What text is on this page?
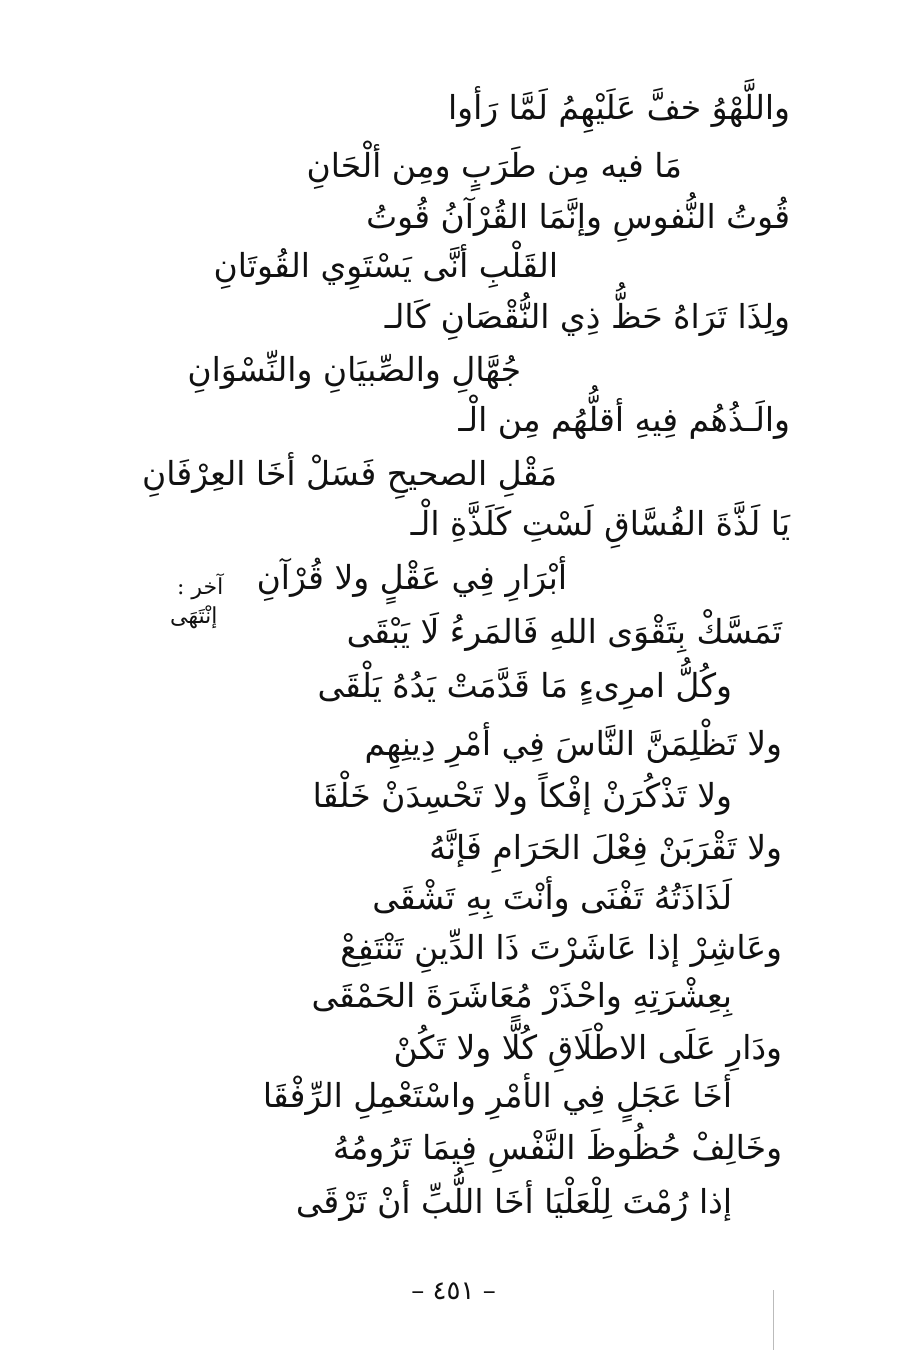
واللَّهْوُ خفَّ عَلَيْهِمُ لَمَّا رَأوا
مَا فيه مِن طَرَبٍ ومِن ألْحَانِ
قُوتُ النُّفوسِ وإنَّمَا القُرْآنُ قُوتُ
القَلْبِ أنَّى يَسْتَوِي القُوتَانِ
ولِذَا تَرَاهُ حَظُّ ذِي النُّقْصَانِ كَالـ
جُهَّالِ والصِّبيَانِ والنِّسْوَانِ
والَـذُهُم فِيهِ أقلُّهُم مِن الْـ
مَقْلِ الصحيحِ فَسَلْ أخَا العِرْفَانِ
يَا لَذَّةَ الفُسَّاقِ لَسْتِ كَلَذَّةِ الْـ
أبْرَارِ فِي عَقْلٍ ولا قُرْآنِ
آخر :
إنْتَهَى	تَمَسَّكْ بِتَقْوَى اللهِ فَالمَرءُ لَا يَبْقَى
وكُلُّ امرِىءٍ مَا قَدَّمَتْ يَدُهُ يَلْقَى
ولا تَظْلِمَنَّ النَّاسَ فِي أمْرِ دِينِهِم
ولا تَذْكُرَنْ إفْكاً ولا تَحْسِدَنْ خَلْقَا
ولا تَقْرَبَنْ فِعْلَ الحَرَامِ فَإنَّهُ
لَذَاذَتُهُ تَفْنَى وأنْتَ بِهِ تَشْقَى
وعَاشِرْ إذا عَاشَرْتَ ذَا الدِّينِ تَنْتَفِعْ
بِعِشْرَتِهِ واحْذَرْ مُعَاشَرَةَ الحَمْقَى
ودَارِ عَلَى الاطْلَاقِ كُلًّا ولا تَكُنْ
أخَا عَجَلٍ فِي الأمْرِ واسْتَعْمِلِ الرِّفْقَا
وخَالِفْ حُظُوظَ النَّفْسِ فِيمَا تَرُومُهُ
إذا رُمْتَ لِلْعَلْيَا أخَا اللُّبِّ أنْ تَرْقَى
– ٤٥١ –
